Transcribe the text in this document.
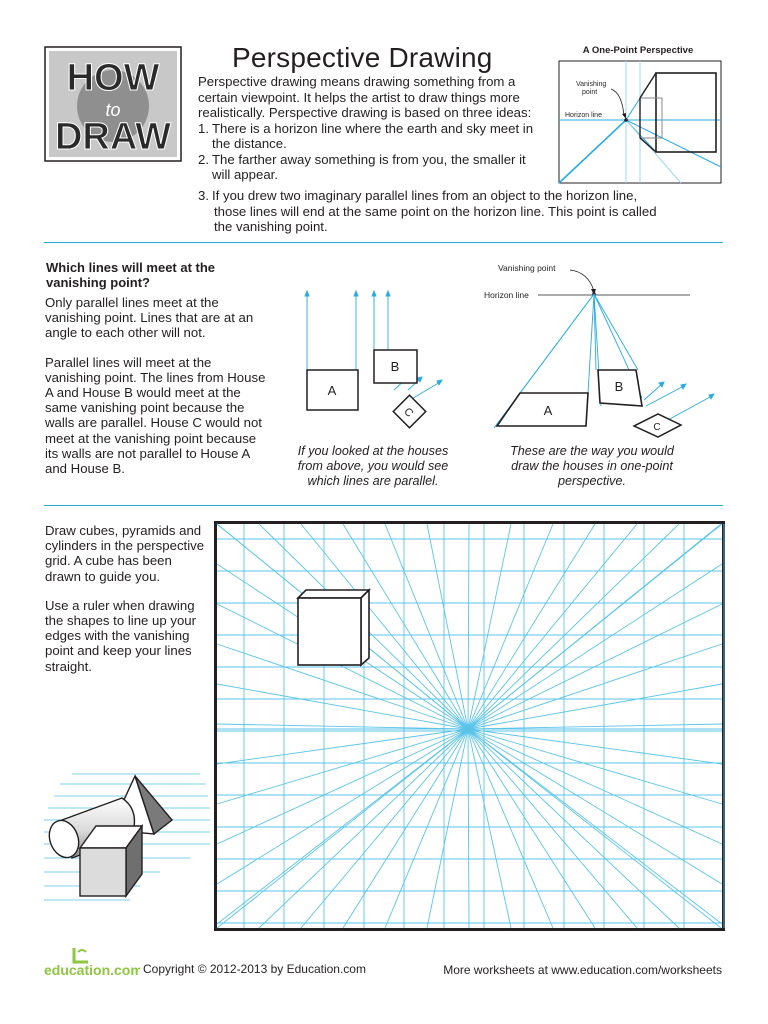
HOW
to
DRAW
Perspective Drawing

Perspective drawing means drawing something from a certain viewpoint. It helps the artist to draw things more realistically. Perspective drawing is based on three ideas:

1. There is a horizon line where the earth and sky meet in the distance.
2. The farther away something is from you, the smaller it will appear.
3. If you drew two imaginary parallel lines from an object to the horizon line,
those lines will end at the same point on the horizon line. This point is called
the vanishing point.
A One-Point Perspective
Vanishing
point
Horizon line
Which lines will meet at the
vanishing point?

Only parallel lines meet at the vanishing point. Lines that are at an angle to each other will not.

Parallel lines will meet at the vanishing point. The lines from House A and House B would meet at the same vanishing point because the walls are parallel. House C would not meet at the vanishing point because its walls are not parallel to House A and House B.

A
B
C
If you looked at the houses
from above, you would see
which lines are parallel.
Vanishing point
Horizon line
A
B
C
These are the way you would
draw the houses in one-point
perspective.

Draw cubes, pyramids and cylinders in the perspective grid. A cube has been drawn to guide you.

Use a ruler when drawing the shapes to line up your edges with the vanishing point and keep your lines straight.

education.com Copyright © 2012-2013 by Education.com	More worksheets at www.education.com/worksheets
